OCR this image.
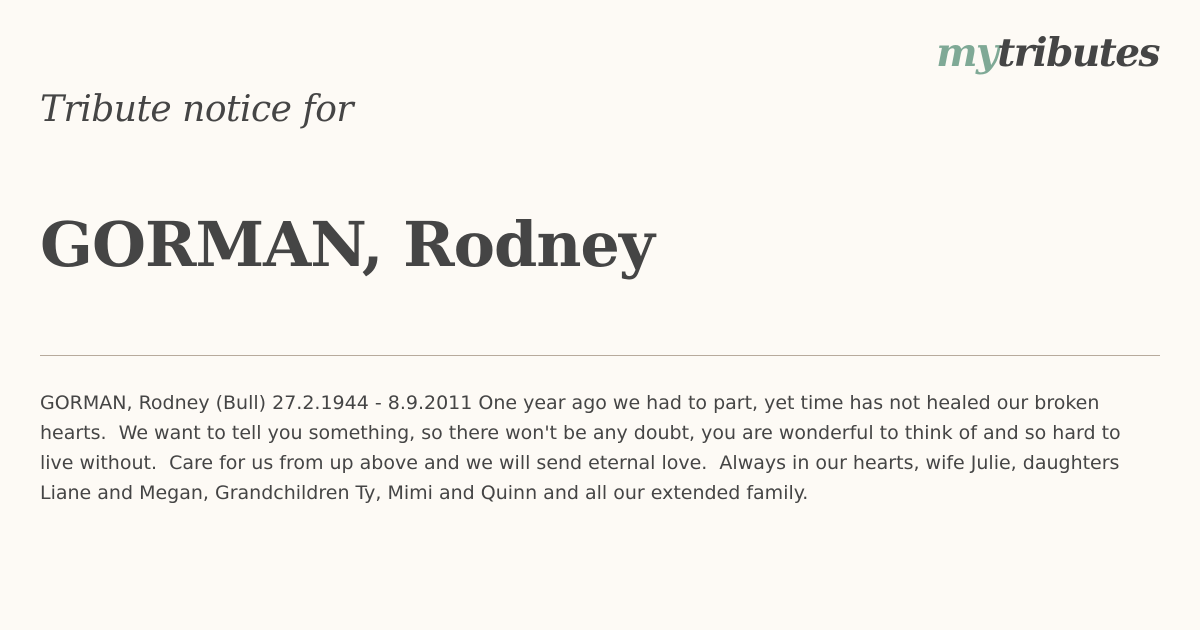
mytributes
Tribute notice for
GORMAN, Rodney

GORMAN, Rodney (Bull) 27.2.1944 - 8.9.2011 One year ago we had to part, yet time has not healed our broken hearts.  We want to tell you something, so there won't be any doubt, you are wonderful to think of and so hard to live without.  Care for us from up above and we will send eternal love.  Always in our hearts, wife Julie, daughters Liane and Megan, Grandchildren Ty, Mimi and Quinn and all our extended family.
